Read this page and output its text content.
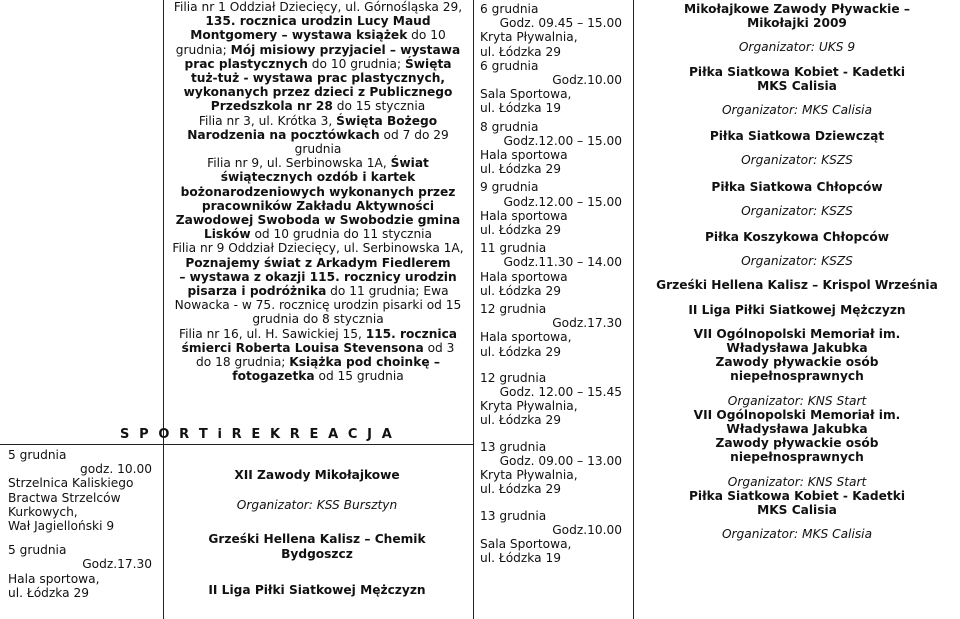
Filia nr 1 Oddział Dziecięcy, ul. Górnośląska 29,
135. rocznica urodzin Lucy Maud
Montgomery – wystawa książek do 10
grudnia; Mój misiowy przyjaciel – wystawa
prac plastycznych do 10 grudnia; Święta
tuż-tuż - wystawa prac plastycznych,
wykonanych przez dzieci z Publicznego
Przedszkola nr 28 do 15 stycznia
Filia nr 3, ul. Krótka 3, Święta Bożego
Narodzenia na pocztówkach od 7 do 29
grudnia
Filia nr 9, ul. Serbinowska 1A, Świat
świątecznych ozdób i kartek
bożonarodzeniowych wykonanych przez
pracowników Zakładu Aktywności
Zawodowej Swoboda w Swobodzie gmina
Lisków od 10 grudnia do 11 stycznia
Filia nr 9 Oddział Dziecięcy, ul. Serbinowska 1A,
Poznajemy świat z Arkadym Fiedlerem
– wystawa z okazji 115. rocznicy urodzin
pisarza i podróżnika do 11 grudnia; Ewa
Nowacka - w 75. rocznicę urodzin pisarki od 15
grudnia do 8 stycznia
Filia nr 16, ul. H. Sawickiej 15, 115. rocznica
śmierci Roberta Louisa Stevensona od 3
do 18 grudnia; Książka pod choinkę –
fotogazetka od 15 grudnia
S P O R T i R E K R E A C J A
5 grudnia
godz. 10.00
Strzelnica Kaliskiego
Bractwa Strzelców
Kurkowych,
Wał Jagielloński 9
5 grudnia
Godz.17.30
Hala sportowa,
ul. Łódzka 29
XII Zawody Mikołajkowe
Organizator: KSS Bursztyn
Grześki Hellena Kalisz – Chemik
Bydgoszcz
II Liga Piłki Siatkowej Mężczyzn
6 grudnia
Godz. 09.45 – 15.00
Kryta Pływalnia,
ul. Łódzka 29
6 grudnia
Godz.10.00
Sala Sportowa,
ul. Łódzka 19
8 grudnia
Godz.12.00 – 15.00
Hala sportowa
ul. Łódzka 29
9 grudnia
Godz.12.00 – 15.00
Hala sportowa
ul. Łódzka 29
11 grudnia
Godz.11.30 – 14.00
Hala sportowa
ul. Łódzka 29
12 grudnia
Godz.17.30
Hala sportowa,
ul. Łódzka 29
12 grudnia
Godz. 12.00 – 15.45
Kryta Pływalnia,
ul. Łódzka 29
13 grudnia
Godz. 09.00 – 13.00
Kryta Pływalnia,
ul. Łódzka 29
13 grudnia
Godz.10.00
Sala Sportowa,
ul. Łódzka 19
Mikołajkowe Zawody Pływackie –
Mikołajki 2009
Organizator: UKS 9
Piłka Siatkowa Kobiet - Kadetki
MKS Calisia
Organizator: MKS Calisia
Piłka Siatkowa Dziewcząt
Organizator: KSZS
Piłka Siatkowa Chłopców
Organizator: KSZS
Piłka Koszykowa Chłopców
Organizator: KSZS
Grześki Hellena Kalisz – Krispol Września
II Liga Piłki Siatkowej Mężczyzn
VII Ogólnopolski Memoriał im.
Władysława Jakubka
Zawody pływackie osób
niepełnosprawnych
Organizator: KNS Start
VII Ogólnopolski Memoriał im.
Władysława Jakubka
Zawody pływackie osób
niepełnosprawnych
Organizator: KNS Start
Piłka Siatkowa Kobiet - Kadetki
MKS Calisia
Organizator: MKS Calisia
